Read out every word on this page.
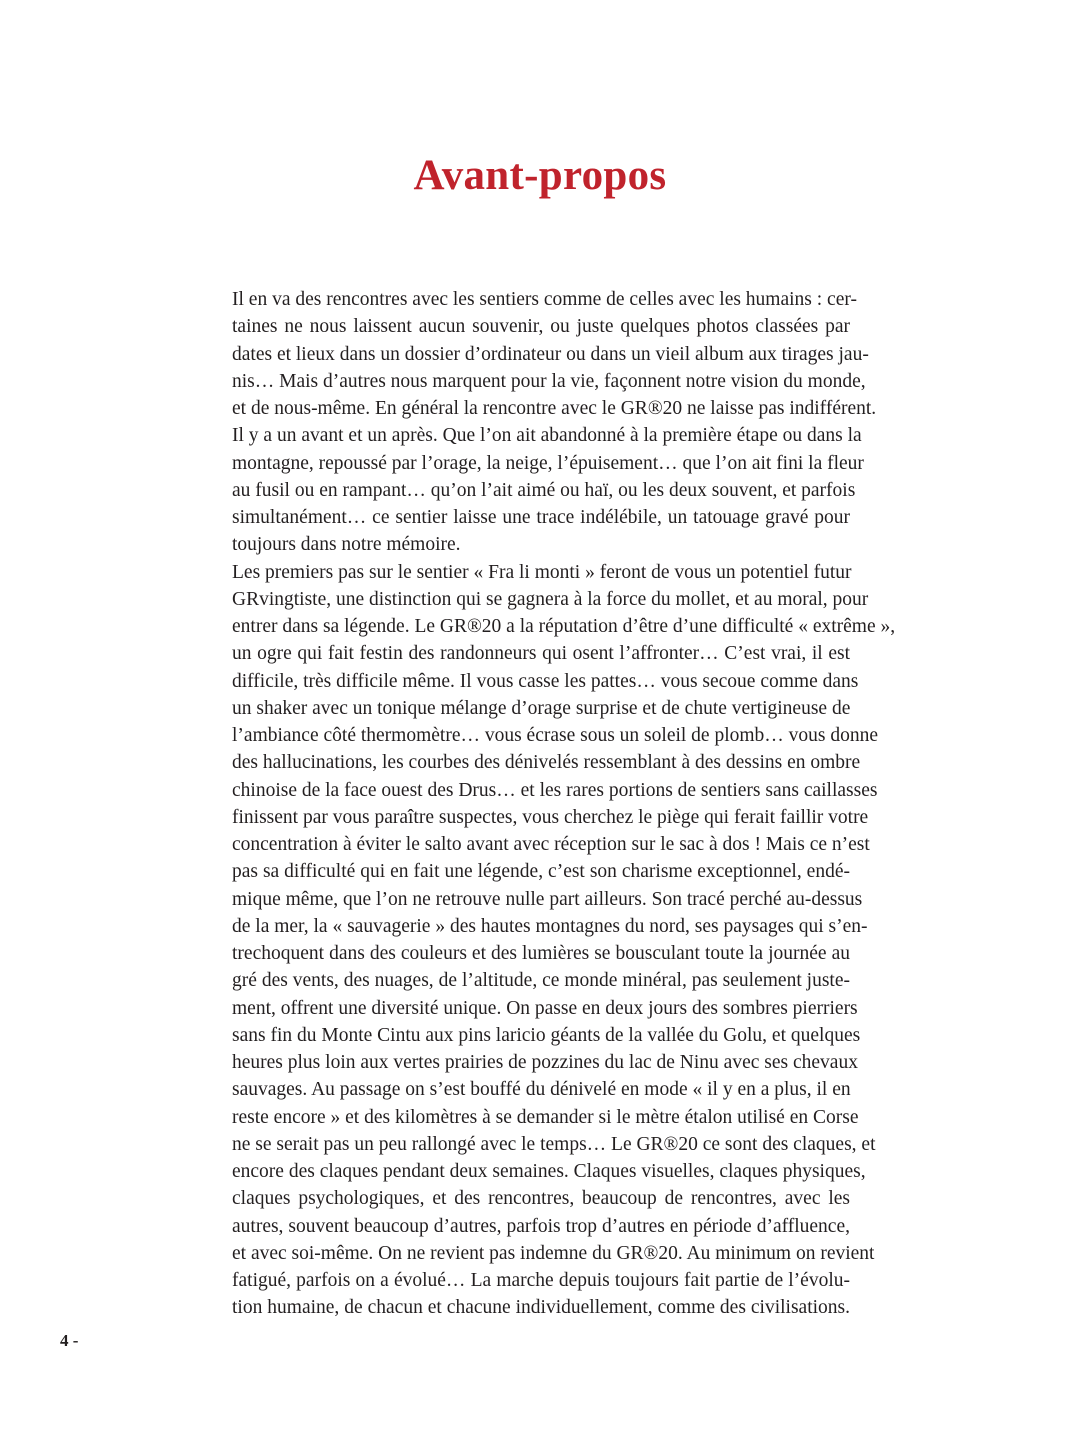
Avant-propos
Il en va des rencontres avec les sentiers comme de celles avec les humains : cer-
taines ne nous laissent aucun souvenir, ou juste quelques photos classées par
dates et lieux dans un dossier d’ordinateur ou dans un vieil album aux tirages jau-
nis… Mais d’autres nous marquent pour la vie, façonnent notre vision du monde,
et de nous-même. En général la rencontre avec le GR®20 ne laisse pas indifférent.
Il y a un avant et un après. Que l’on ait abandonné à la première étape ou dans la
montagne, repoussé par l’orage, la neige, l’épuisement… que l’on ait fini la fleur
au fusil ou en rampant… qu’on l’ait aimé ou haï, ou les deux souvent, et parfois
simultanément… ce sentier laisse une trace indélébile, un tatouage gravé pour
toujours dans notre mémoire.
Les premiers pas sur le sentier « Fra li monti » feront de vous un potentiel futur
GRvingtiste, une distinction qui se gagnera à la force du mollet, et au moral, pour
entrer dans sa légende. Le GR®20 a la réputation d’être d’une difficulté « extrême »,
un ogre qui fait festin des randonneurs qui osent l’affronter… C’est vrai, il est
difficile, très difficile même. Il vous casse les pattes… vous secoue comme dans
un shaker avec un tonique mélange d’orage surprise et de chute vertigineuse de
l’ambiance côté thermomètre… vous écrase sous un soleil de plomb… vous donne
des hallucinations, les courbes des dénivelés ressemblant à des dessins en ombre
chinoise de la face ouest des Drus… et les rares portions de sentiers sans caillasses
finissent par vous paraître suspectes, vous cherchez le piège qui ferait faillir votre
concentration à éviter le salto avant avec réception sur le sac à dos ! Mais ce n’est
pas sa difficulté qui en fait une légende, c’est son charisme exceptionnel, endé-
mique même, que l’on ne retrouve nulle part ailleurs. Son tracé perché au-dessus
de la mer, la « sauvagerie » des hautes montagnes du nord, ses paysages qui s’en-
trechoquent dans des couleurs et des lumières se bousculant toute la journée au
gré des vents, des nuages, de l’altitude, ce monde minéral, pas seulement juste-
ment, offrent une diversité unique. On passe en deux jours des sombres pierriers
sans fin du Monte Cintu aux pins laricio géants de la vallée du Golu, et quelques
heures plus loin aux vertes prairies de pozzines du lac de Ninu avec ses chevaux
sauvages. Au passage on s’est bouffé du dénivelé en mode « il y en a plus, il en
reste encore » et des kilomètres à se demander si le mètre étalon utilisé en Corse
ne se serait pas un peu rallongé avec le temps… Le GR®20 ce sont des claques, et
encore des claques pendant deux semaines. Claques visuelles, claques physiques,
claques psychologiques, et des rencontres, beaucoup de rencontres, avec les
autres, souvent beaucoup d’autres, parfois trop d’autres en période d’affluence,
et avec soi-même. On ne revient pas indemne du GR®20. Au minimum on revient
fatigué, parfois on a évolué… La marche depuis toujours fait partie de l’évolu-
tion humaine, de chacun et chacune individuellement, comme des civilisations.
4 -
